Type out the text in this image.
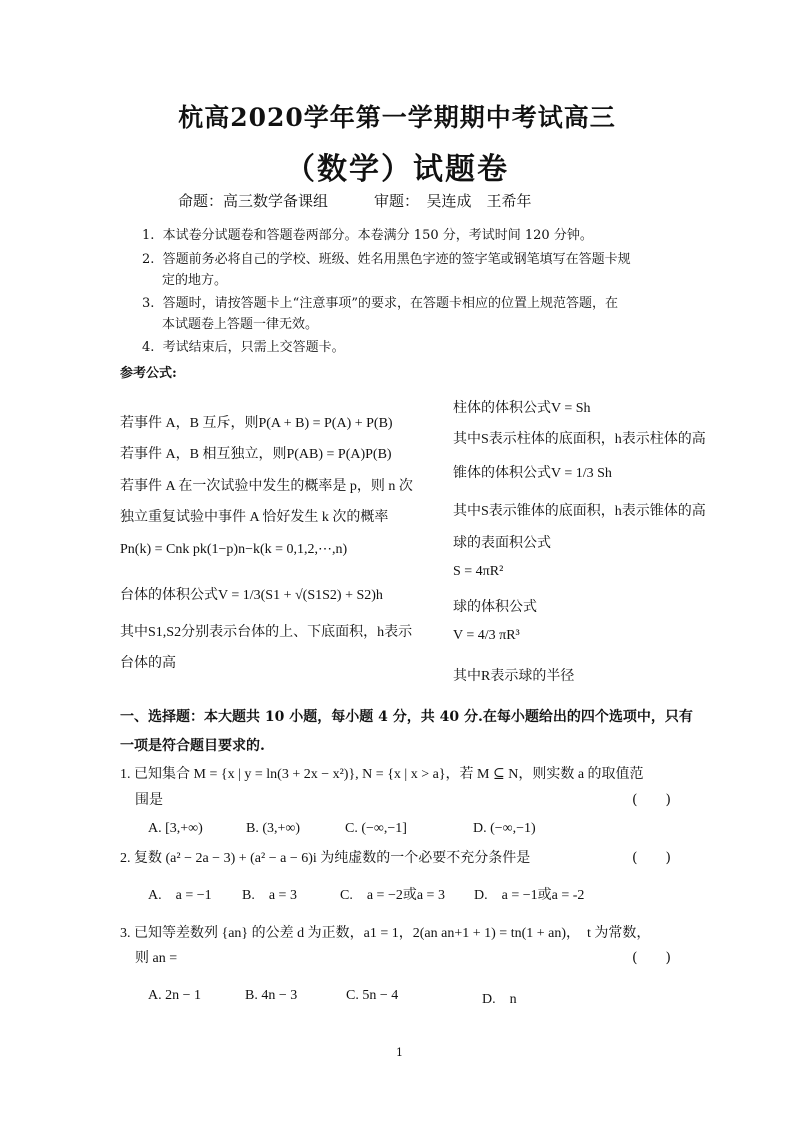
杭高2020学年第一学期期中考试高三
（数学）试题卷
命题：高三数学备课组	审题：　吴连成　王希年
1. 本试卷分试题卷和答题卷两部分。本卷满分 150 分，考试时间 120 分钟。
2. 答题前务必将自己的学校、班级、姓名用黑色字迹的签字笔或钢笔填写在答题卡规
定的地方。
3. 答题时，请按答题卡上“注意事项”的要求，在答题卡相应的位置上规范答题，在
本试题卷上答题一律无效。
4. 考试结束后，只需上交答题卡。
参考公式:
若事件 A，B 互斥，则P(A + B) = P(A) + P(B)
若事件 A，B 相互独立，则P(AB) = P(A)P(B)
若事件 A 在一次试验中发生的概率是 p，则 n 次
独立重复试验中事件 A 恰好发生 k 次的概率
Pn(k) = Cnk pk(1−p)n−k(k = 0,1,2,⋯,n)
台体的体积公式V = 1/3(S1 + √(S1S2) + S2)h
其中S1,S2分别表示台体的上、下底面积，h表示
台体的高
柱体的体积公式V = Sh
其中S表示柱体的底面积，h表示柱体的高
锥体的体积公式V = 1/3 Sh
其中S表示锥体的底面积，h表示锥体的高
球的表面积公式
S = 4πR²
球的体积公式
V = 4/3 πR³
其中R表示球的半径
一、选择题：本大题共 10 小题，每小题 4 分，共 40 分.在每小题给出的四个选项中，只有
一项是符合题目要求的.
1. 已知集合 M = {x | y = ln(3 + 2x − x²)}, N = {x | x > a}，若 M ⊆ N，则实数 a 的取值范
围是	(　　)
A. [3,+∞)	B. (3,+∞)	C. (−∞,−1]	D. (−∞,−1)
2. 复数 (a² − 2a − 3) + (a² − a − 6)i 为纯虚数的一个必要不充分条件是	(　　)
A.　a = −1 B.　a = 3	C.　a = −2或a = 3 D.　a = −1或a = -2
3. 已知等差数列 {an} 的公差 d 为正数，a1 = 1，2(an an+1 + 1) = tn(1 + an)，　t 为常数，
则 an =	(　　)
A. 2n − 1	B. 4n − 3	C. 5n − 4	D.　n
1
